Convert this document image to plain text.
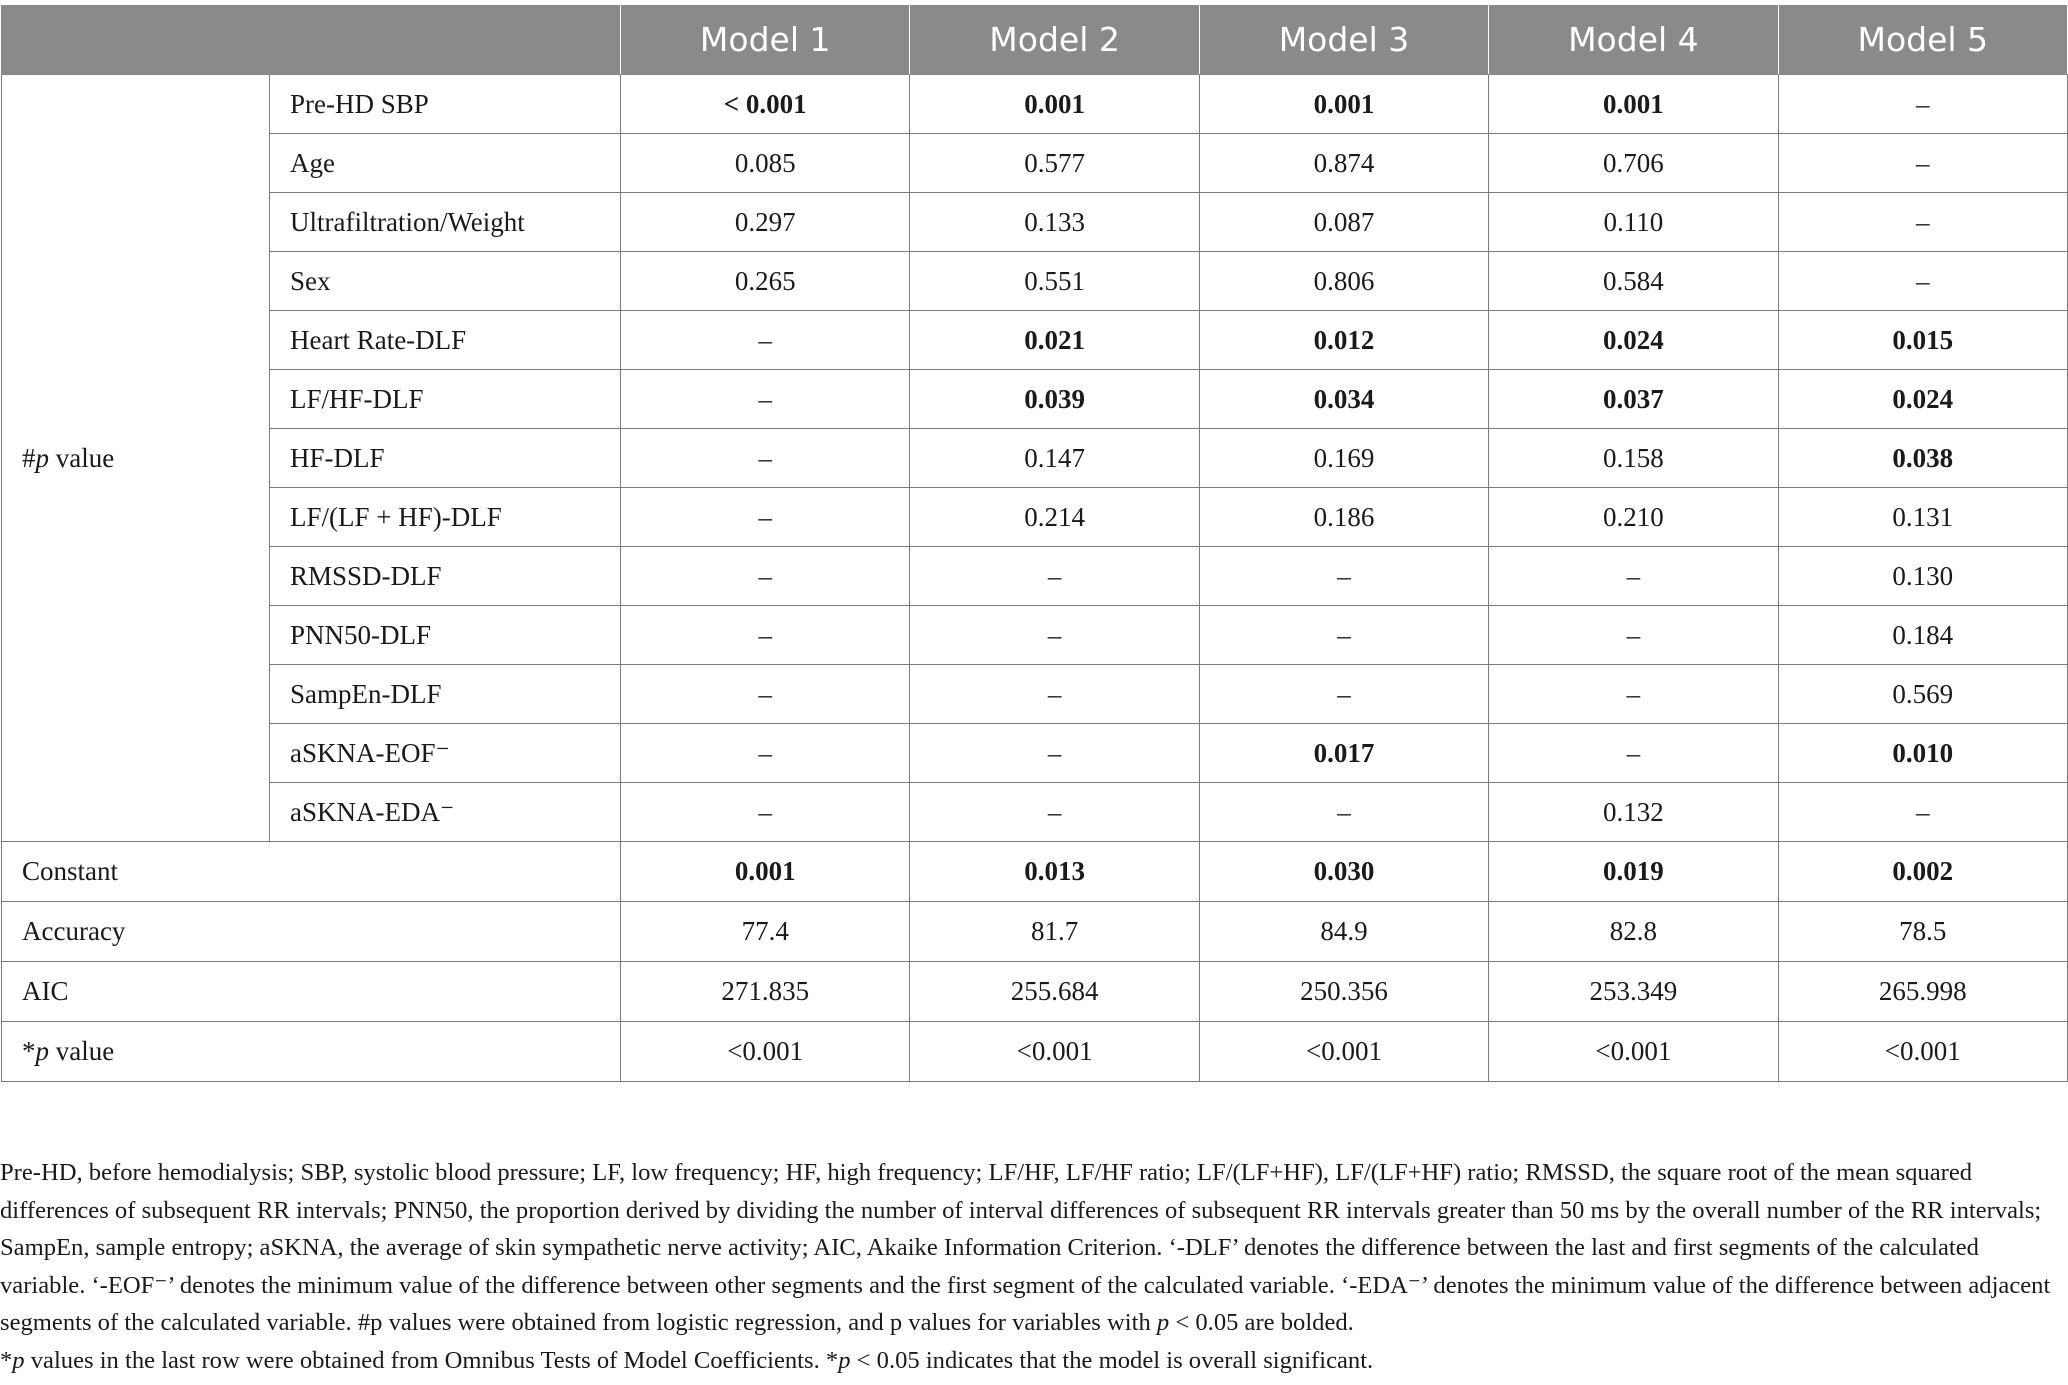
		Model 1	Model 2	Model 3	Model 4	Model 5
#p value	Pre-HD SBP	< 0.001	0.001	0.001	0.001	–
	Age	0.085	0.577	0.874	0.706	–
	Ultrafiltration/Weight	0.297	0.133	0.087	0.110	–
	Sex	0.265	0.551	0.806	0.584	–
	Heart Rate-DLF	–	0.021	0.012	0.024	0.015
	LF/HF-DLF	–	0.039	0.034	0.037	0.024
	HF-DLF	–	0.147	0.169	0.158	0.038
	LF/(LF + HF)-DLF	–	0.214	0.186	0.210	0.131
	RMSSD-DLF	–	–	–	–	0.130
	PNN50-DLF	–	–	–	–	0.184
	SampEn-DLF	–	–	–	–	0.569
	aSKNA-EOF⁻	–	–	0.017	–	0.010
	aSKNA-EDA⁻	–	–	–	0.132	–
Constant		0.001	0.013	0.030	0.019	0.002
Accuracy		77.4	81.7	84.9	82.8	78.5
AIC		271.835	255.684	250.356	253.349	265.998
*p value		<0.001	<0.001	<0.001	<0.001	<0.001

Pre-HD, before hemodialysis; SBP, systolic blood pressure; LF, low frequency; HF, high frequency; LF/HF, LF/HF ratio; LF/(LF+HF), LF/(LF+HF) ratio; RMSSD, the square root of the mean squared differences of subsequent RR intervals; PNN50, the proportion derived by dividing the number of interval differences of subsequent RR intervals greater than 50 ms by the overall number of the RR intervals; SampEn, sample entropy; aSKNA, the average of skin sympathetic nerve activity; AIC, Akaike Information Criterion. ‘-DLF’ denotes the difference between the last and first segments of the calculated variable. ‘-EOF⁻’ denotes the minimum value of the difference between other segments and the first segment of the calculated variable. ‘-EDA⁻’ denotes the minimum value of the difference between adjacent segments of the calculated variable. #p values were obtained from logistic regression, and p values for variables with p < 0.05 are bolded.

*p values in the last row were obtained from Omnibus Tests of Model Coefficients. *p < 0.05 indicates that the model is overall significant.
